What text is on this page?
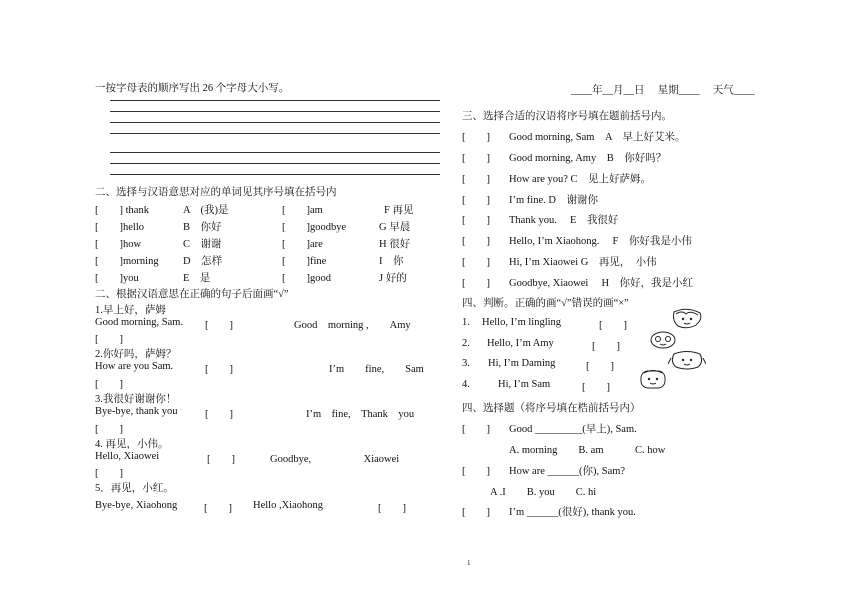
一按字母表的顺序写出 26 个字母大小写。
二、选择与汉语意思对应的单词见其序号填在括号内
[　　] thank	A　(我)是	[　　]am	F 再见
[　　]hello	B　你好	[　　]goodbye	G 早晨
[　　]how	C　谢谢	[　　]are	H 很好
[　　]morning D　怎样	[　　]fine	I　你
[　　]you	E　是	[　　]good	J 好的
二、根据汉语意思在正确的句子后面画“√”
1.早上好，萨姆
Good morning, Sam. [　　]	Good　morning ,　　Amy
[　　]
2.你好吗，萨姆？
How are you Sam.	[　　]	I’m　　fine,　　Sam
[　　]
3.我很好谢谢你！
Bye-bye, thank you	[　　]	I’m　fine,　Thank　you
[　　]
4. 再见，小伟。
Hello, Xiaowei	[　　]	Goodbye,　　　　　Xiaowei
[　　]
5．再见，小红。
Bye-bye, Xiaohong	[　　] Hello ,Xiaohong	[　　]
____年__月__日　 星期____　 天气____
三、选择合适的汉语将序号填在题前括号内。
[　　] Good morning, Sam　A　早上好艾米。
[　　] Good morning, Amy　B　你好吗？
[　　] How are you? C　见上好萨姆。
[　　] I’m fine. D　谢谢你
[　　] Thank you.　 E　我很好
[　　] Hello, I’m Xiaohong.　 F　你好我是小伟
[　　] Hi, I’m Xiaowei G　再见，　小伟
[　　] Goodbye, Xiaowei　 H　你好，我是小红
四、判断。正确的画“√”错误的画“×”
1. Hello, I’m lingling	[　　]
2. Hello, I’m Amy	[　　]
3. Hi, I’m Daming	[　　]
4.	Hi, I’m Sam	[　　]
四、选择题（将序号填在梏前括号内）
[　　] Good _________(早上), Sam.
A. morning　　B. am　　　C. how
[　　] How are ______(你), Sam?
A .I　　B. you　　C. hi
[　　] I’m ______(很好), thank you.
1
